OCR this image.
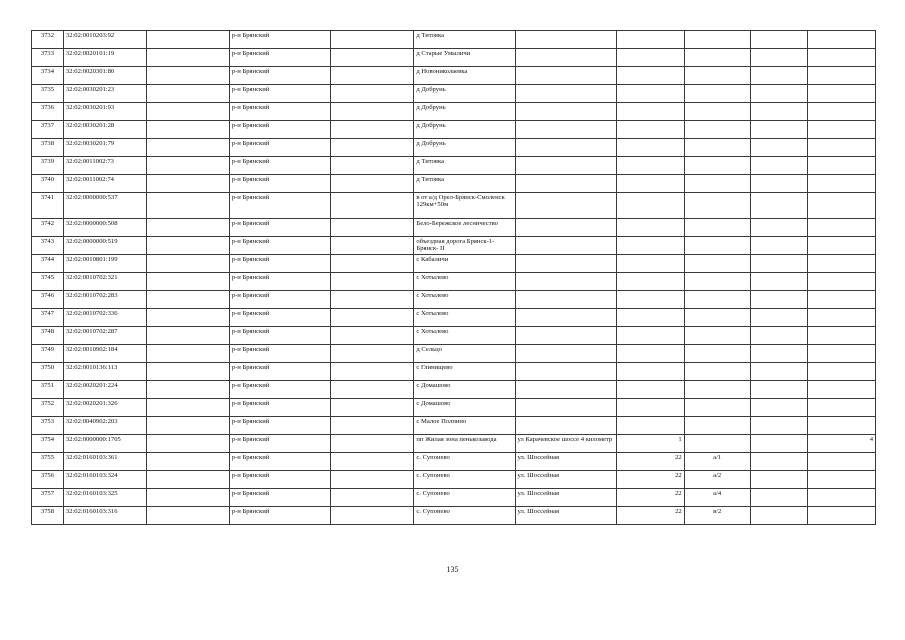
3732	32:02:0010203:92		р-н Брянский		д Титовка					
3733	32:02:0020101:19		р-н Брянский		д Старые Умыличи					
3734	32:02:0020301:80		р-н Брянский		д Новониколаевка					
3735	32:02:0030201:23		р-н Брянский		д Добрунь					
3736	32:02:0030201:93		р-н Брянский		д Добрунь					
3737	32:02:0030201:28		р-н Брянский		д Добрунь					
3738	32:02:0030201:79		р-н Брянский		д Добрунь					
3739	32:02:0011002:73		р-н Брянский		д Титовка					
3740	32:02:0011002:74		р-н Брянский		д Титовка					
3741	32:02:0000000:537		р-н Брянский		в от а/д Орел-Брянск-Смоленск 129км+50м					
3742	32:02:0000000:508		р-н Брянский		Бело-Бережское лесничество					
3743	32:02:0000000:519		р-н Брянский		объездная дорога Брянск-1- Брянск- II					
3744	32:02:0010801:199		р-н Брянский		с Кабаличи					
3745	32:02:0010702:321		р-н Брянский		с Хотылево					
3746	32:02:0010702:283		р-н Брянский		с Хотылево					
3747	32:02:0010702:336		р-н Брянский		с Хотылево					
3748	32:02:0010702:287		р-н Брянский		с Хотылево					
3749	32:02:0010902:184		р-н Брянский		д Сельцо					
3750	32:02:0010136:113		р-н Брянский		с Глинищево					
3751	32:02:0020201:224		р-н Брянский		с Домашово					
3752	32:02:0020201:326		р-н Брянский		с Домашово					
3753	32:02:0040902:203		р-н Брянский		с Малое Полпино					
3754	32:02:0000000:1705		р-н Брянский		пп Жилая зона пенькозавода	ул Карачевское шоссе 4 километр	1			4
3755	32:02:0160103:361		р-н Брянский		с. Супонево	ул. Шоссейная	22	а/1		
3756	32:02:0160103:324		р-н Брянский		с. Супонево	ул. Шоссейная	22	а/2		
3757	32:02:0160103:325		р-н Брянский		с. Супонево	ул. Шоссейная	22	а/4		
3758	32:02:0160103:316		р-н Брянский		с. Супонево	ул. Шоссейная	22	в/2		
135
